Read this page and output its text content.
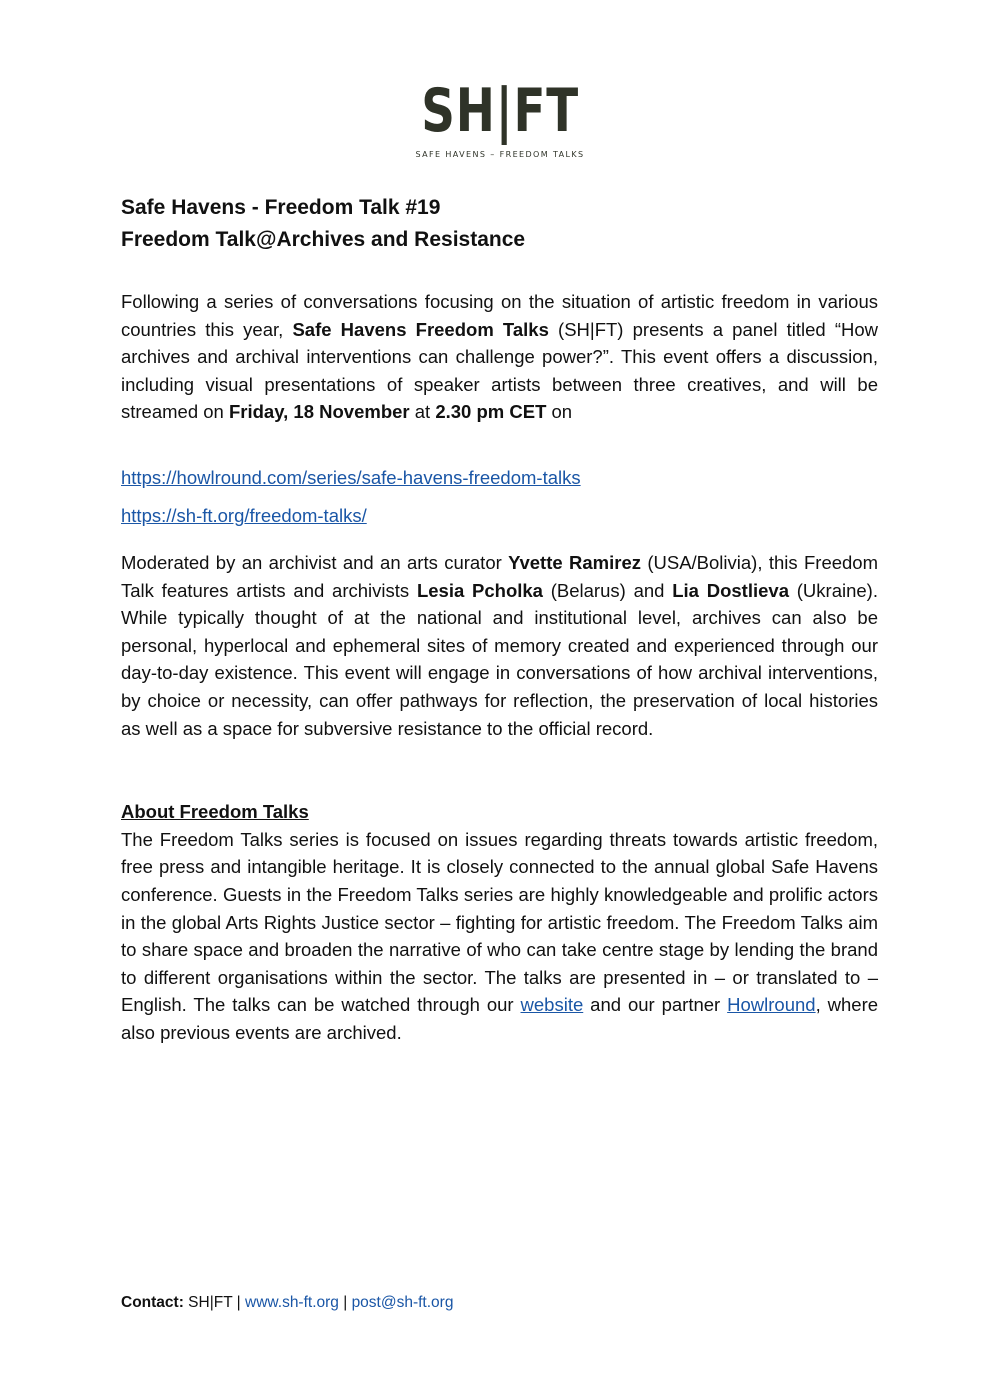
SH|FT
SAFE HAVENS – FREEDOM TALKS
Safe Havens - Freedom Talk #19
Freedom Talk@Archives and Resistance

Following a series of conversations focusing on the situation of artistic freedom in various countries this year, Safe Havens Freedom Talks (SH|FT) presents a panel titled “How archives and archival interventions can challenge power?”. This event offers a discussion, including visual presentations of speaker artists between three creatives, and will be streamed on Friday, 18 November at 2.30 pm CET on

https://howlround.com/series/safe-havens-freedom-talks
https://sh-ft.org/freedom-talks/

Moderated by an archivist and an arts curator Yvette Ramirez (USA/Bolivia), this Freedom Talk features artists and archivists Lesia Pcholka (Belarus) and Lia Dostlieva (Ukraine). While typically thought of at the national and institutional level, archives can also be personal, hyperlocal and ephemeral sites of memory created and experienced through our day-to-day existence. This event will engage in conversations of how archival interventions, by choice or necessity, can offer pathways for reflection, the preservation of local histories as well as a space for subversive resistance to the official record.

About Freedom Talks

The Freedom Talks series is focused on issues regarding threats towards artistic freedom, free press and intangible heritage. It is closely connected to the annual global Safe Havens conference. Guests in the Freedom Talks series are highly knowledgeable and prolific actors in the global Arts Rights Justice sector – fighting for artistic freedom. The Freedom Talks aim to share space and broaden the narrative of who can take centre stage by lending the brand to different organisations within the sector. The talks are presented in – or translated to – English. The talks can be watched through our website and our partner Howlround, where also previous events are archived.

Contact: SH|FT | www.sh-ft.org | post@sh-ft.org
